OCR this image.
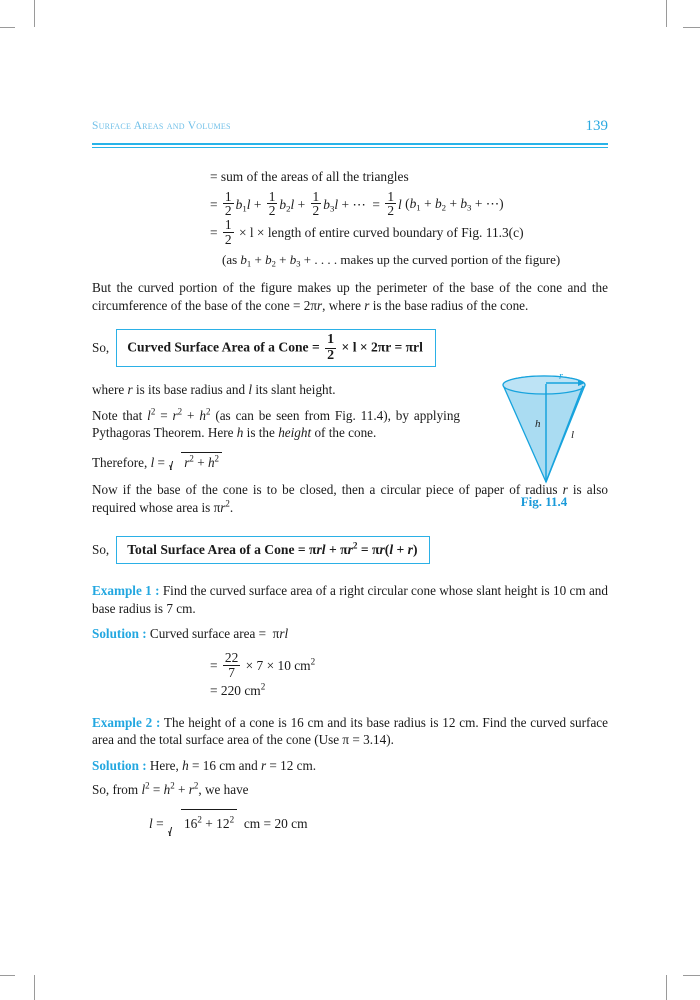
Surface Areas and Volumes	139
= sum of the areas of all the triangles
= $\frac{1}{2} b_1l + \frac{1}{2} b_2l + \frac{1}{2} b_3l$ + ⋯  = $\frac{1}{2}$ l ($b_1 + b_2 + b_3$ + ⋯)
= $\frac{1}{2} \times l$ × length of entire curved boundary of Fig. 11.3(c)
(as $b_1 + b_2 + b_3$ + . . . . makes up the curved portion of the figure)

But the curved portion of the figure makes up the perimeter of the base of the cone and the circumference of the base of the cone = 2πr, where r is the base radius of the cone.

So,	Curved Surface Area of a Cone = $\frac{1}{2} \times l \times 2\pi r = \pi rl$

where r is its base radius and l its slant height.

Note that $l^2 = r^2 + h^2$ (as can be seen from Fig. 11.4), by applying Pythagoras Theorem. Here h is the height of the cone.

Therefore, l =
$r^2 + h^2$

Now if the base of the cone is to be closed, then a circular piece of paper of radius r is also required whose area is $\pi r^2$.

So,	Total Surface Area of a Cone = $\pi rl + \pi r^2 = \pi r(l + r)$

Example 1 : Find the curved surface area of a right circular cone whose slant height is 10 cm and base radius is 7 cm.

Solution : Curved surface area =  πrl

= $\frac{22}{7} \times 7 \times 10$ $cm^2$
= 220 $cm^2$

Example 2 : The height of a cone is 16 cm and its base radius is 12 cm. Find the curved surface area and the total surface area of the cone (Use π = 3.14).

Solution : Here, h = 16 cm and r = 12 cm.

So, from $l^2 = h^2 + r^2$, we have

l =
$16^2 + 12^2$  cm = 20 cm
r
h
l
Fig. 11.4
